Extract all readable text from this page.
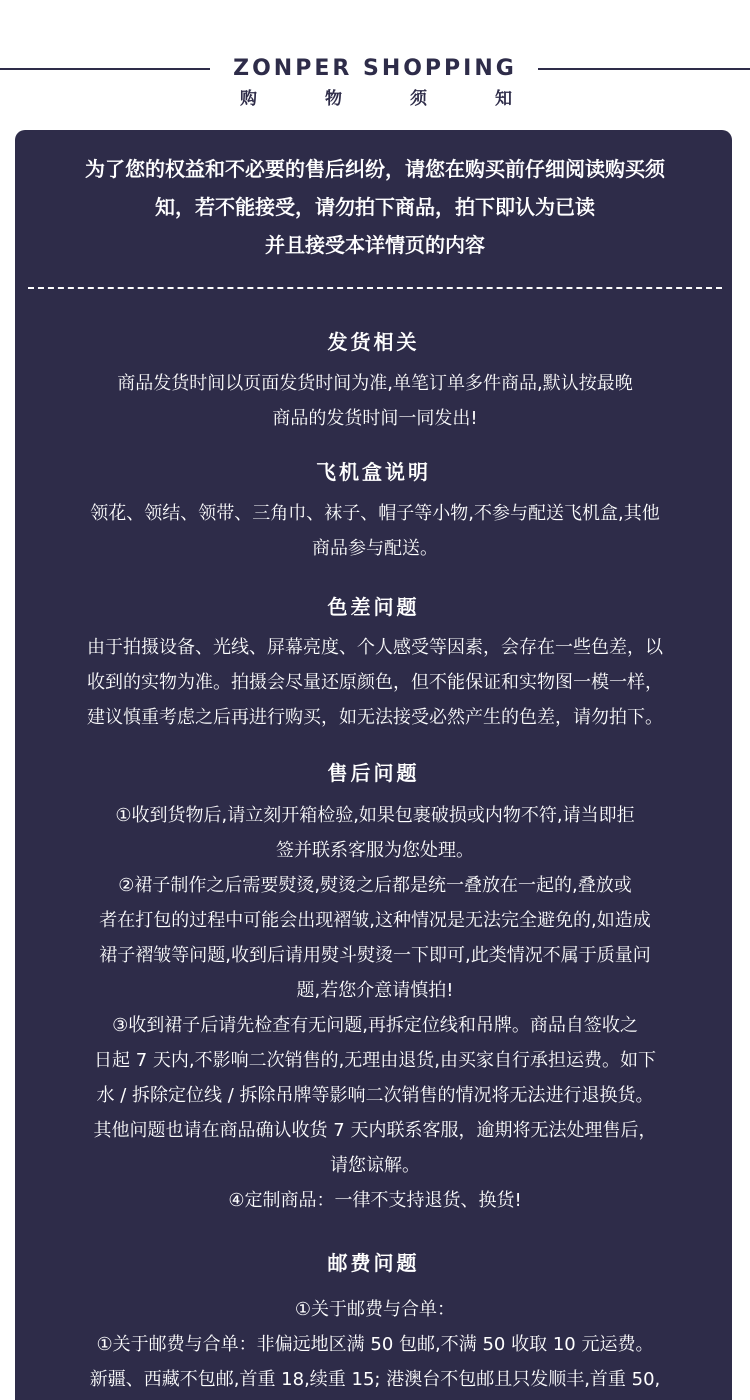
ZONPER SHOPPING
购	物	须	知
为了您的权益和不必要的售后纠纷，请您在购买前仔细阅读购买须
知，若不能接受，请勿拍下商品，拍下即认为已读
并且接受本详情页的内容
发货相关
商品发货时间以页面发货时间为准,单笔订单多件商品,默认按最晚
商品的发货时间一同发出!
飞机盒说明
领花、领结、领带、三角巾、袜子、帽子等小物,不参与配送飞机盒,其他
商品参与配送。
色差问题
由于拍摄设备、光线、屏幕亮度、个人感受等因素，会存在一些色差，以
收到的实物为准。拍摄会尽量还原颜色，但不能保证和实物图一模一样，
建议慎重考虑之后再进行购买，如无法接受必然产生的色差，请勿拍下。
售后问题
①收到货物后,请立刻开箱检验,如果包裹破损或内物不符,请当即拒
签并联系客服为您处理。
②裙子制作之后需要熨烫,熨烫之后都是统一叠放在一起的,叠放或
者在打包的过程中可能会出现褶皱,这种情况是无法完全避免的,如造成
裙子褶皱等问题,收到后请用熨斗熨烫一下即可,此类情况不属于质量问
题,若您介意请慎拍!
③收到裙子后请先检查有无问题,再拆定位线和吊牌。商品自签收之
日起 7 天内,不影响二次销售的,无理由退货,由买家自行承担运费。如下
水 / 拆除定位线 / 拆除吊牌等影响二次销售的情况将无法进行退换货。
其他问题也请在商品确认收货 7 天内联系客服，逾期将无法处理售后，
请您谅解。
④定制商品：一律不支持退货、换货!
邮费问题
①关于邮费与合单：
①关于邮费与合单：非偏远地区满 50 包邮,不满 50 收取 10 元运费。
新疆、西藏不包邮,首重 18,续重 15; 港澳台不包邮且只发顺丰,首重 50,
